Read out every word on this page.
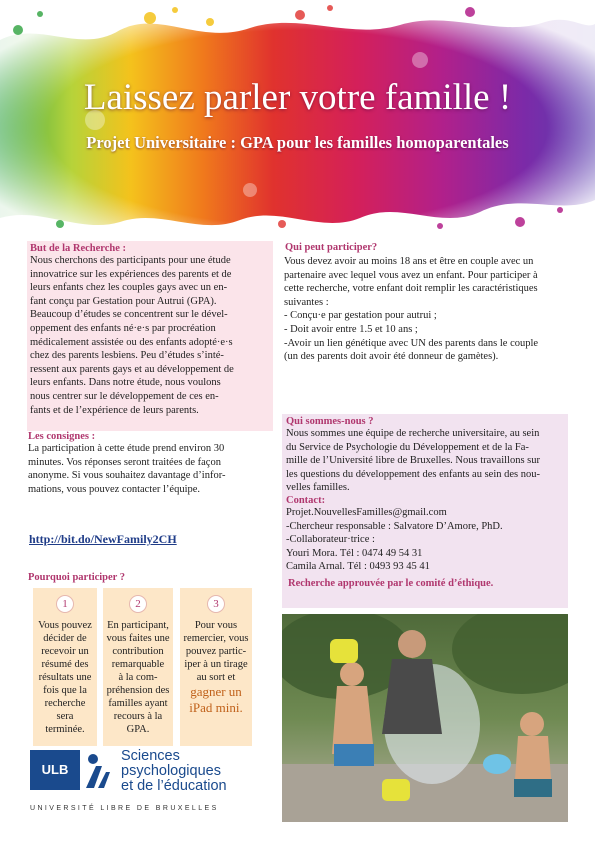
Laissez parler votre famille !
Projet Universitaire : GPA pour les familles homoparentales
But de la Recherche :
Nous cherchons des participants pour une étude
innovatrice sur les expériences des parents et de
leurs enfants chez les couples gays avec un en-
fant conçu par Gestation pour Autrui (GPA).
Beaucoup d’études se concentrent sur le dével-
oppement des enfants né·e·s par procréation
médicalement assistée ou des enfants adopté·e·s
chez des parents lesbiens. Peu d’études s’inté-
ressent aux parents gays et au développement de
leurs enfants. Dans notre étude, nous voulons
nous centrer sur le développement de ces en-
fants et de l’expérience de leurs parents.
Les consignes :
La participation à cette étude prend environ 30
minutes. Vos réponses seront traitées de façon
anonyme. Si vous souhaitez davantage d’infor-
mations, vous pouvez contacter l’équipe.
http://bit.do/NewFamily2CH
Pourquoi participer ?
1
Vous pouvez
décider de
recevoir un
résumé des
résultats une
fois que la
recherche sera
terminée.
2
En participant,
vous faites une
contribution
remarquable
à la com-
préhension des
familles ayant
recours à la
GPA.
3
Pour vous
remercier, vous
pouvez partic-
iper à un tirage
au sort et
gagner un
iPad mini.
ULB
Sciences
psychologiques
et de l’éducation
UNIVERSITÉ LIBRE DE BRUXELLES
Qui peut participer?
Vous devez avoir au moins 18 ans et être en couple avec un
partenaire avec lequel vous avez un enfant. Pour participer à
cette recherche, votre enfant doit remplir les caractéristiques
suivantes :
- Conçu·e par gestation pour autrui ;
- Doit avoir entre 1.5 et 10 ans ;
-Avoir un lien génétique avec UN des parents dans le couple
(un des parents doit avoir été donneur de gamètes).
Qui sommes-nous ?
Nous sommes une équipe de recherche universitaire, au sein
du Service de Psychologie du Développement et de la Fa-
mille de l’Université libre de Bruxelles. Nous travaillons sur
les questions du développement des enfants au sein des nou-
velles familles.
Contact:
Projet.NouvellesFamilles@gmail.com
-Chercheur responsable : Salvatore D’Amore, PhD.
-Collaborateur·trice :
Youri Mora. Tél : 0474 49 54 31
Camila Arnal. Tél : 0493 93 45 41
Recherche approuvée par le comité d’éthique.
